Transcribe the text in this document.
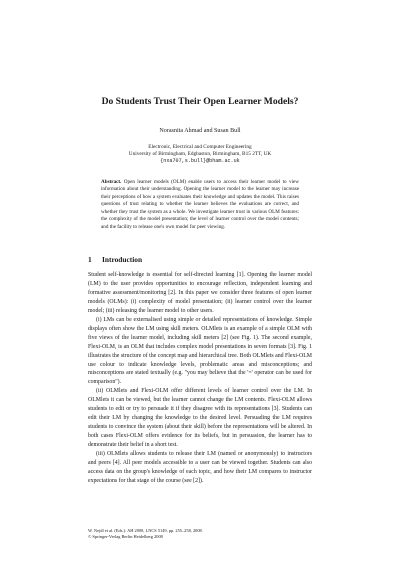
Do Students Trust Their Open Learner Models?
Norasnita Ahmad and Susan Bull
Electronic, Electrical and Computer Engineering
University of Birmingham, Edgbaston, Birmingham, B15 2TT, UK
{nxa707,s.bull}@bham.ac.uk
Abstract. Open learner models (OLM) enable users to access their learner model to view information about their understanding. Opening the learner model to the learner may increase their perceptions of how a system evaluates their knowledge and updates the model. This raises questions of trust relating to whether the learner believes the evaluations are correct, and whether they trust the system as a whole. We investigate learner trust in various OLM features: the complexity of the model presentation; the level of learner control over the model contents; and the facility to release one's own model for peer viewing.
1 Introduction

Student self-knowledge is essential for self-directed learning [1]. Opening the learner model (LM) to the user provides opportunities to encourage reflection, independent learning and formative assessment/monitoring [2]. In this paper we consider three features of open learner models (OLMs): (i) complexity of model presentation; (ii) learner control over the learner model; (iii) releasing the learner model to other users.

(i) LMs can be externalised using simple or detailed representations of knowledge. Simple displays often show the LM using skill meters. OLMlets is an example of a simple OLM with five views of the learner model, including skill meters [2] (see Fig. 1). The second example, Flexi-OLM, is an OLM that includes complex model presentations in seven formats [3]. Fig. 1 illustrates the structure of the concept map and hierarchical tree. Both OLMlets and Flexi-OLM use colour to indicate knowledge levels, problematic areas and misconceptions; and misconceptions are stated textually (e.g. "you may believe that the '=' operator can be used for comparison").

(ii) OLMlets and Flexi-OLM offer different levels of learner control over the LM. In OLMlets it can be viewed, but the learner cannot change the LM contents. Flexi-OLM allows students to edit or try to persuade it if they disagree with its representations [3]. Students can edit their LM by changing the knowledge to the desired level. Persuading the LM requires students to convince the system (about their skill) before the representations will be altered. In both cases Flexi-OLM offers evidence for its beliefs, but in persuasion, the learner has to demonstrate their belief in a short test.

(iii) OLMlets allows students to release their LM (named or anonymously) to instructors and peers [4]. All peer models accessible to a user can be viewed together. Students can also access data on the group's knowledge of each topic, and how their LM compares to instructor expectations for that stage of the course (see [2]).

W. Nejdl et al. (Eds.): AH 2008, LNCS 5149, pp. 255–258, 2008.
© Springer-Verlag Berlin Heidelberg 2008
